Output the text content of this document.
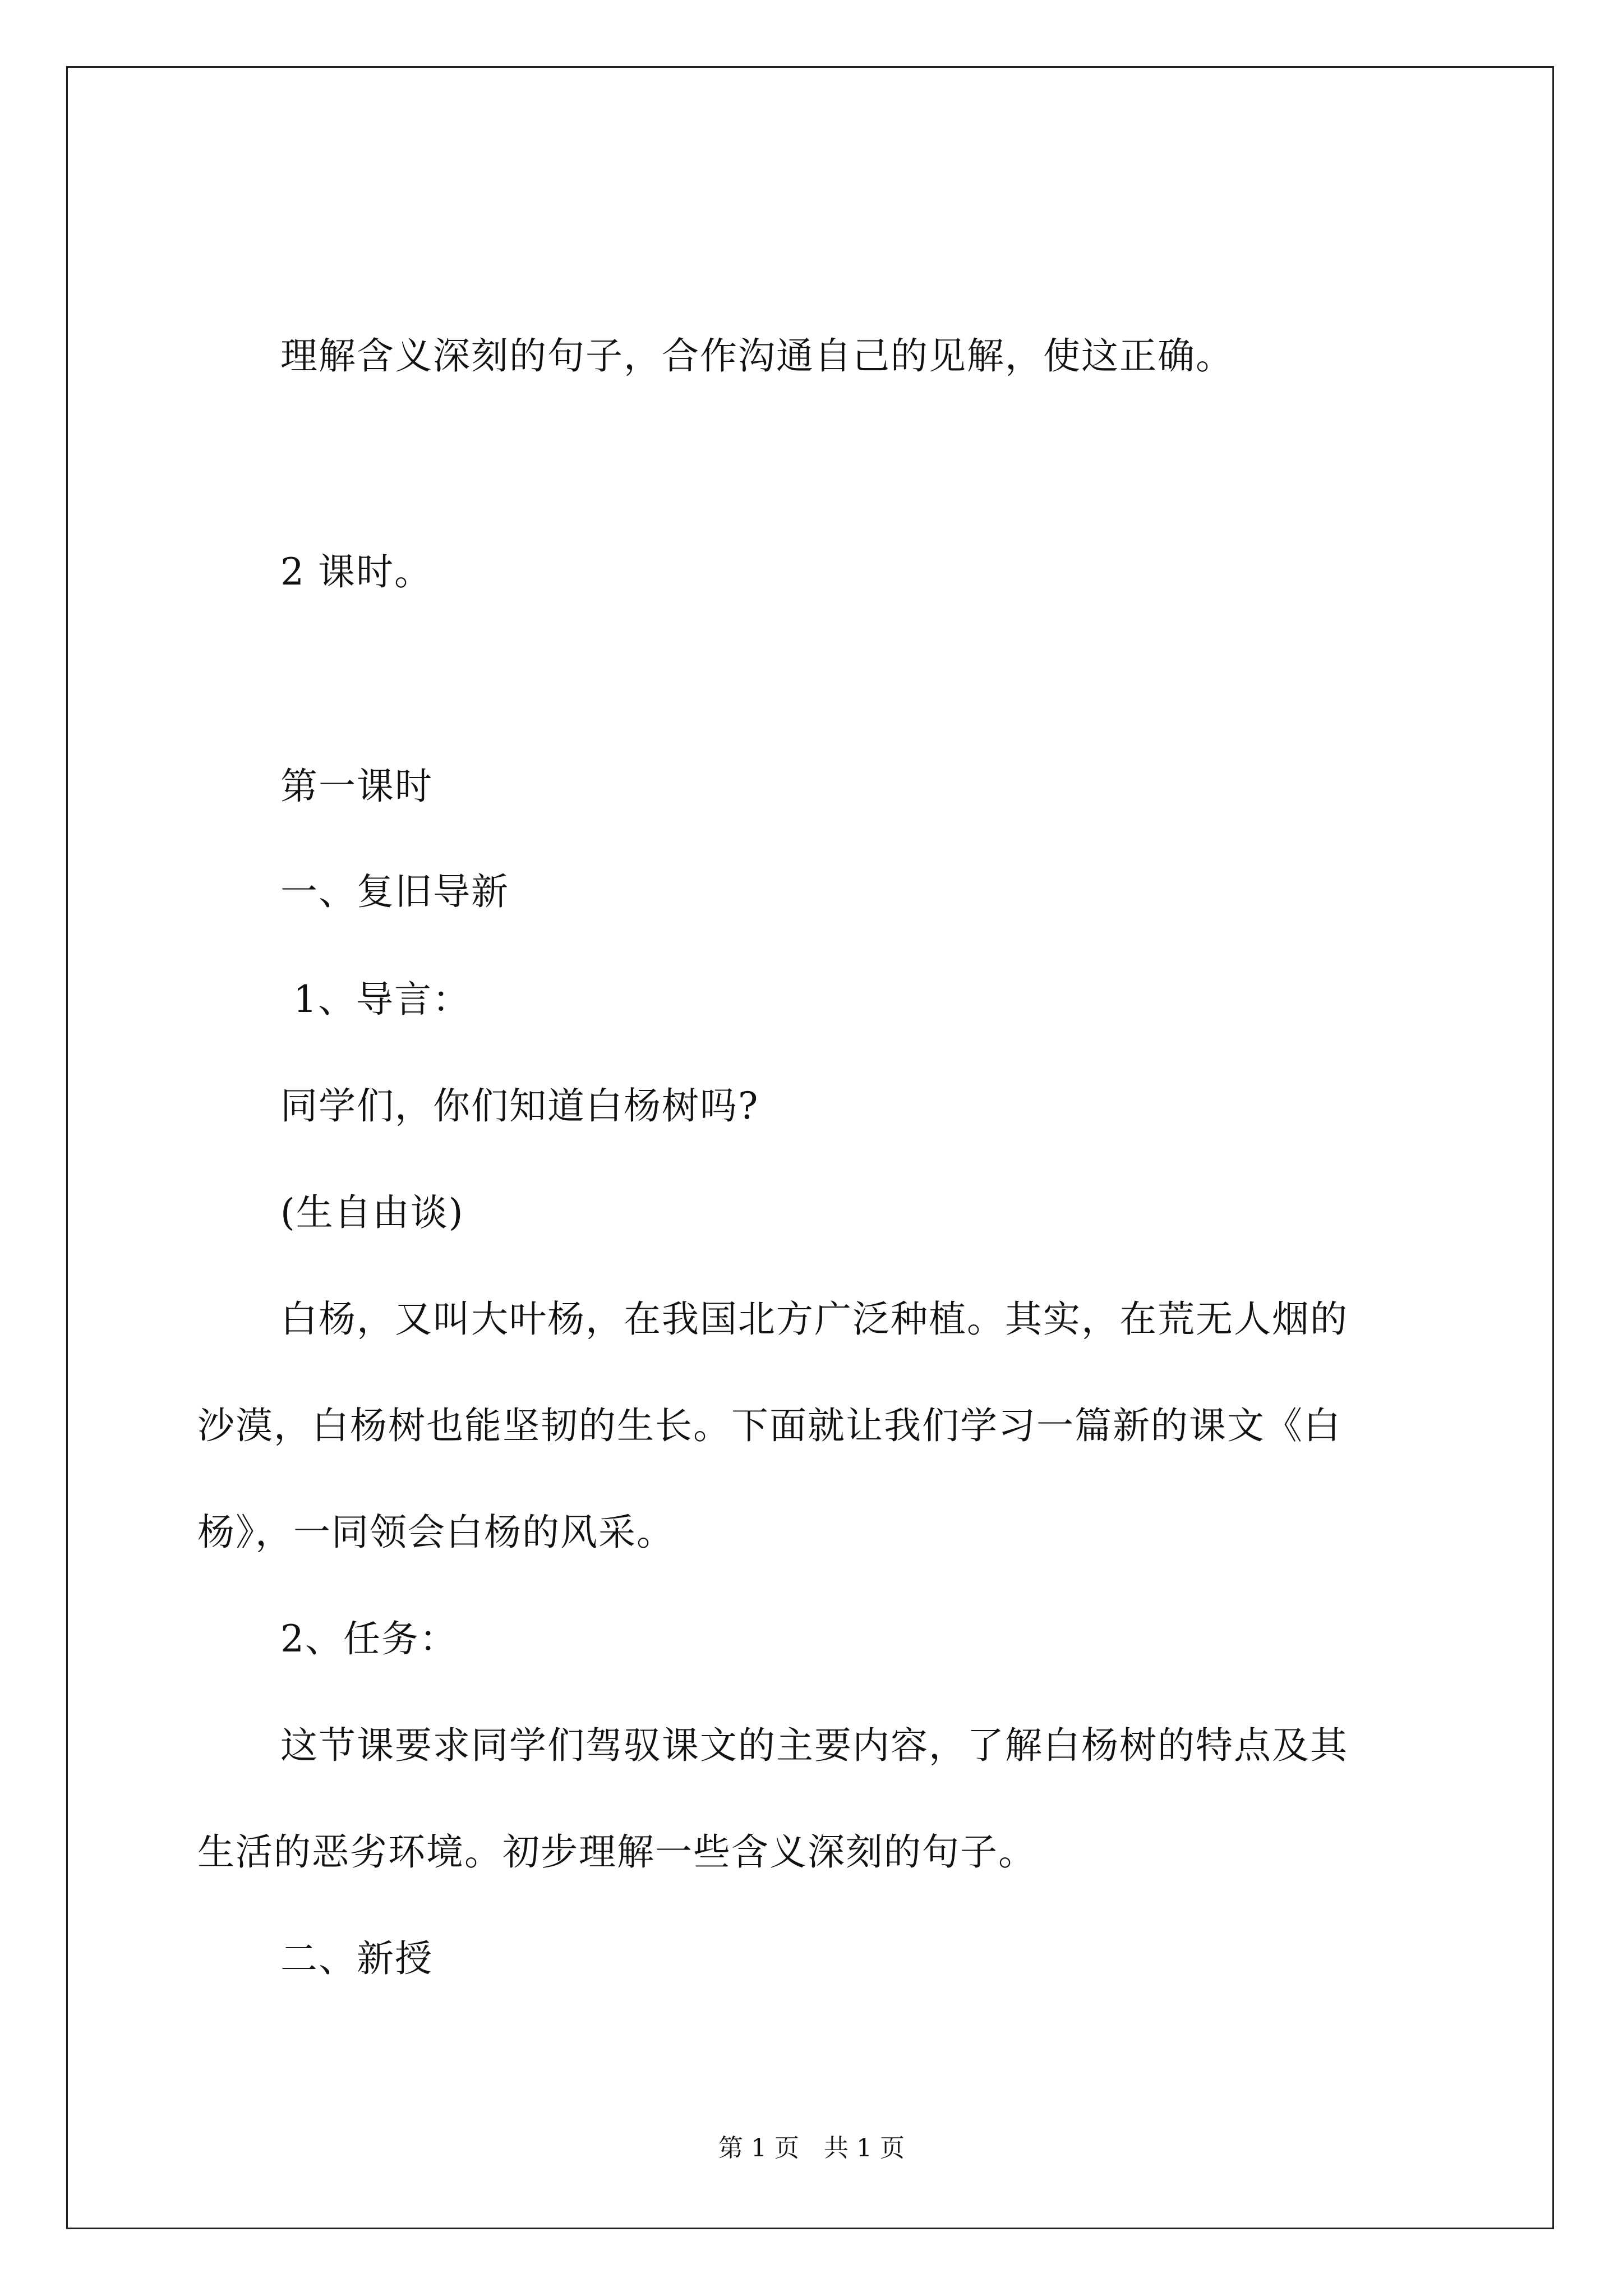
理解含义深刻的句子，合作沟通自己的见解，使这正确。
2 课时。
第一课时
一、复旧导新
1、导言：
同学们，你们知道白杨树吗?
(生自由谈)
白杨，又叫大叶杨，在我国北方广泛种植。其实，在荒无人烟的
沙漠，白杨树也能坚韧的生长。下面就让我们学习一篇新的课文《白
杨》，一同领会白杨的风采。
2、任务：
这节课要求同学们驾驭课文的主要内容，了解白杨树的特点及其
生活的恶劣环境。初步理解一些含义深刻的句子。
二、新授
第 1 页　共 1 页
